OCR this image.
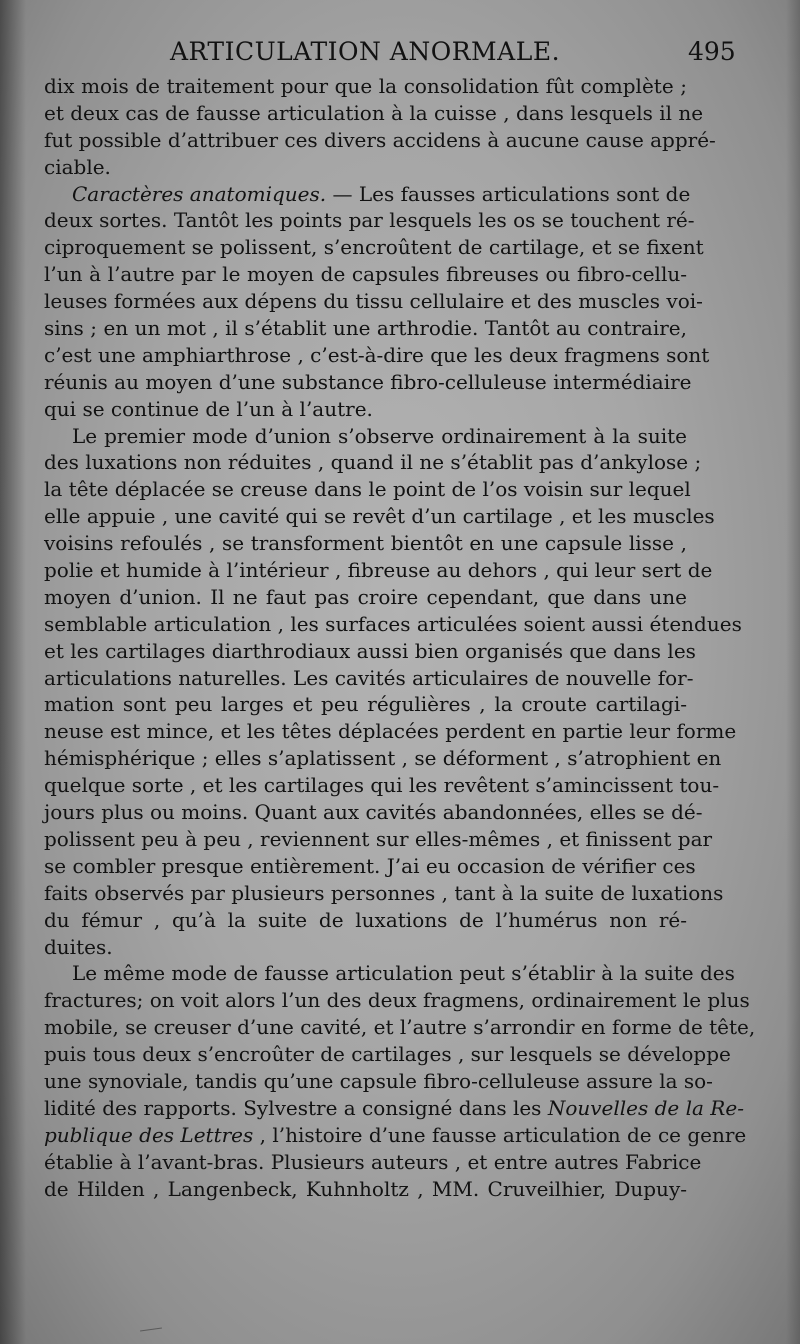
ARTICULATION ANORMALE.	495
dix mois de traitement pour que la consolidation fût complète ;
et deux cas de fausse articulation à la cuisse , dans lesquels il ne
fut possible d’attribuer ces divers accidens à aucune cause appré-
ciable.
Caractères anatomiques. — Les fausses articulations sont de
deux sortes. Tantôt les points par lesquels les os se touchent ré-
ciproquement se polissent, s’encroûtent de cartilage, et se fixent
l’un à l’autre par le moyen de capsules fibreuses ou fibro-cellu-
leuses formées aux dépens du tissu cellulaire et des muscles voi-
sins ; en un mot , il s’établit une arthrodie. Tantôt au contraire,
c’est une amphiarthrose , c’est-à-dire que les deux fragmens sont
réunis au moyen d’une substance fibro-celluleuse intermédiaire
qui se continue de l’un à l’autre.
Le premier mode d’union s’observe ordinairement à la suite
des luxations non réduites , quand il ne s’établit pas d’ankylose ;
la tête déplacée se creuse dans le point de l’os voisin sur lequel
elle appuie , une cavité qui se revêt d’un cartilage , et les muscles
voisins refoulés , se transforment bientôt en une capsule lisse ,
polie et humide à l’intérieur , fibreuse au dehors , qui leur sert de
moyen d’union. Il ne faut pas croire cependant, que dans une
semblable articulation , les surfaces articulées soient aussi étendues
et les cartilages diarthrodiaux aussi bien organisés que dans les
articulations naturelles. Les cavités articulaires de nouvelle for-
mation sont peu larges et peu régulières , la croute cartilagi-
neuse est mince, et les têtes déplacées perdent en partie leur forme
hémisphérique ; elles s’aplatissent , se déforment , s’atrophient en
quelque sorte , et les cartilages qui les revêtent s’amincissent tou-
jours plus ou moins. Quant aux cavités abandonnées, elles se dé-
polissent peu à peu , reviennent sur elles-mêmes , et finissent par
se combler presque entièrement. J’ai eu occasion de vérifier ces
faits observés par plusieurs personnes , tant à la suite de luxations
du fémur , qu’à la suite de luxations de l’humérus non ré-
duites.
Le même mode de fausse articulation peut s’établir à la suite des
fractures; on voit alors l’un des deux fragmens, ordinairement le plus
mobile, se creuser d’une cavité, et l’autre s’arrondir en forme de tête,
puis tous deux s’encroûter de cartilages , sur lesquels se développe
une synoviale, tandis qu’une capsule fibro-celluleuse assure la so-
lidité des rapports. Sylvestre a consigné dans les Nouvelles de la Re-
publique des Lettres , l’histoire d’une fausse articulation de ce genre
établie à l’avant-bras. Plusieurs auteurs , et entre autres Fabrice
de Hilden , Langenbeck, Kuhnholtz , MM. Cruveilhier, Dupuy-
